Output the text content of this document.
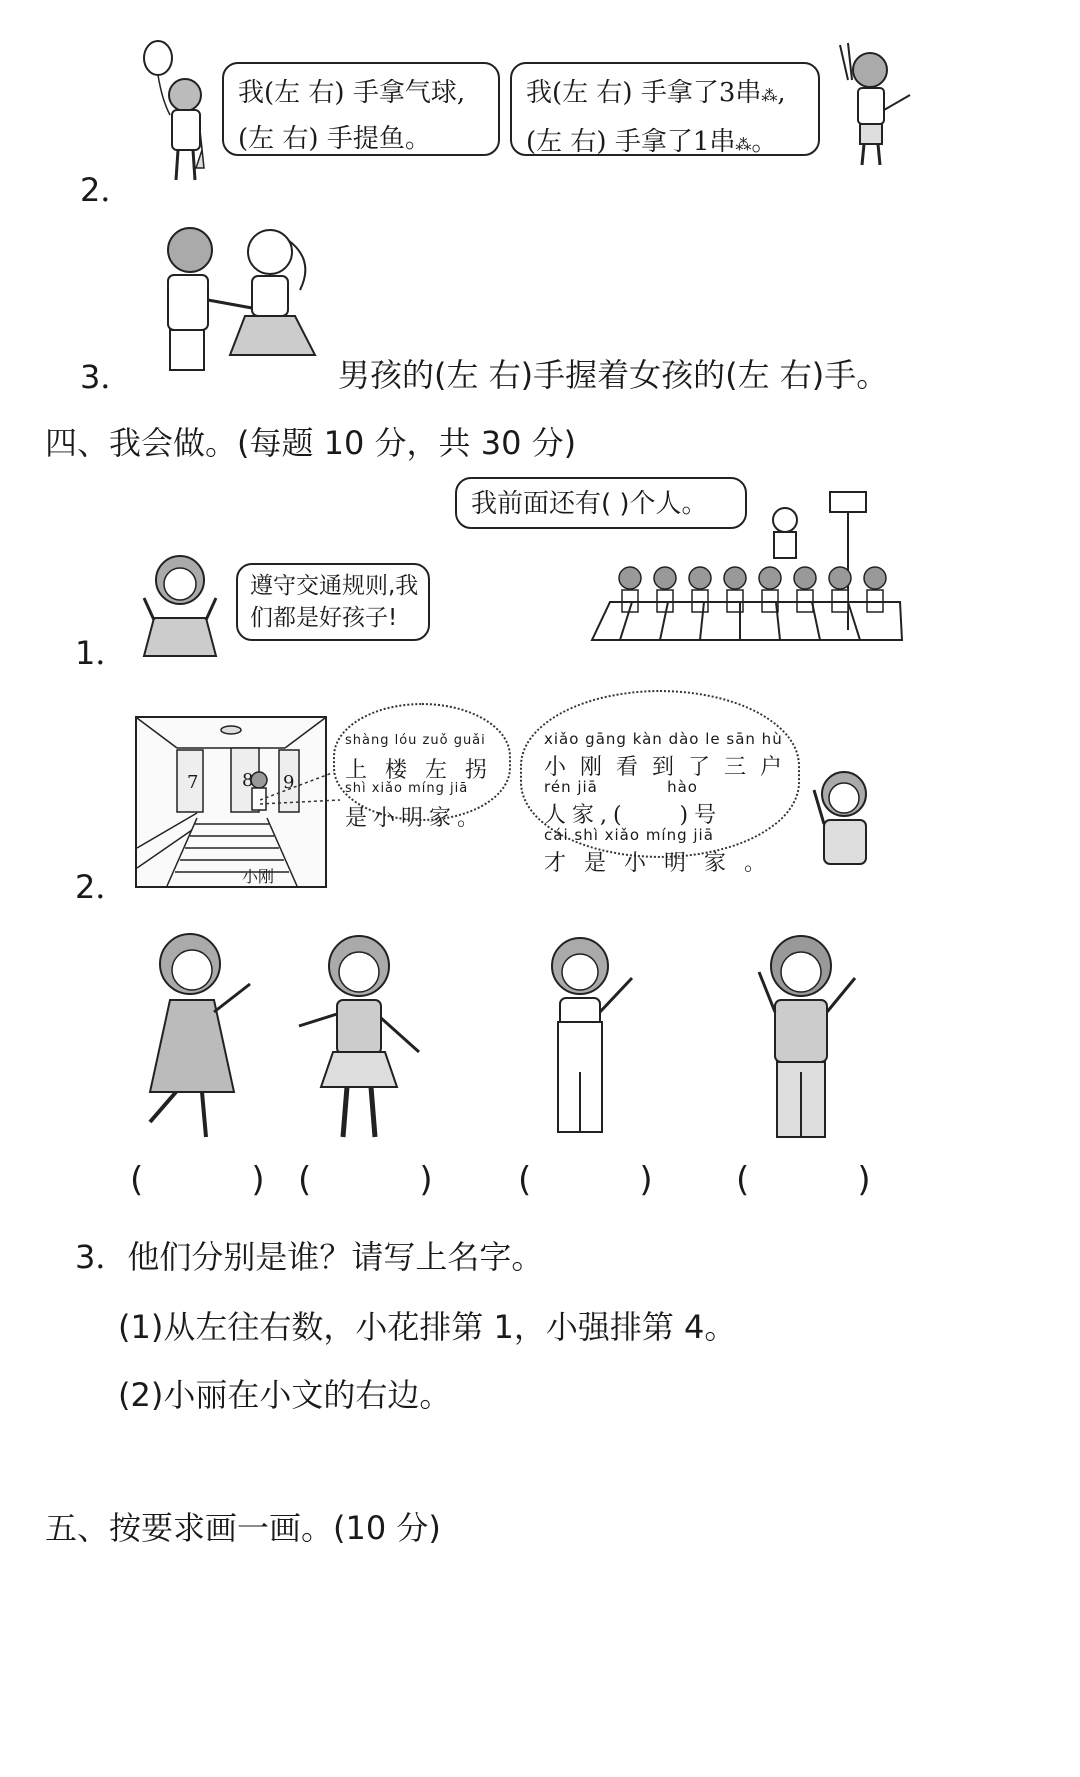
2．
我(左 右) 手拿气球,
(左 右) 手提鱼。
我(左 右) 手拿了3串⁂,
(左 右) 手拿了1串⁂。
3．	男孩的(左 右)手握着女孩的(左 右)手。
四、我会做。(每题 10 分，共 30 分)
我前面还有( )个人。
遵守交通规则,我
们都是好孩子!
1．
2．
7 8 9
小刚
shàng lóu zuǒ guǎi
上楼左拐
shì xiǎo míng jiā
是小明家。
xiǎo gāng kàn dào le sān hù
小刚看到了三户
rén jiā            hào
人家,(    )号
cái shì xiǎo míng jiā
才是小明家。
(          ) (          )	(          ) (          )
3．他们分别是谁？请写上名字。
(1)从左往右数，小花排第 1，小强排第 4。
(2)小丽在小文的右边。
五、按要求画一画。(10 分)
